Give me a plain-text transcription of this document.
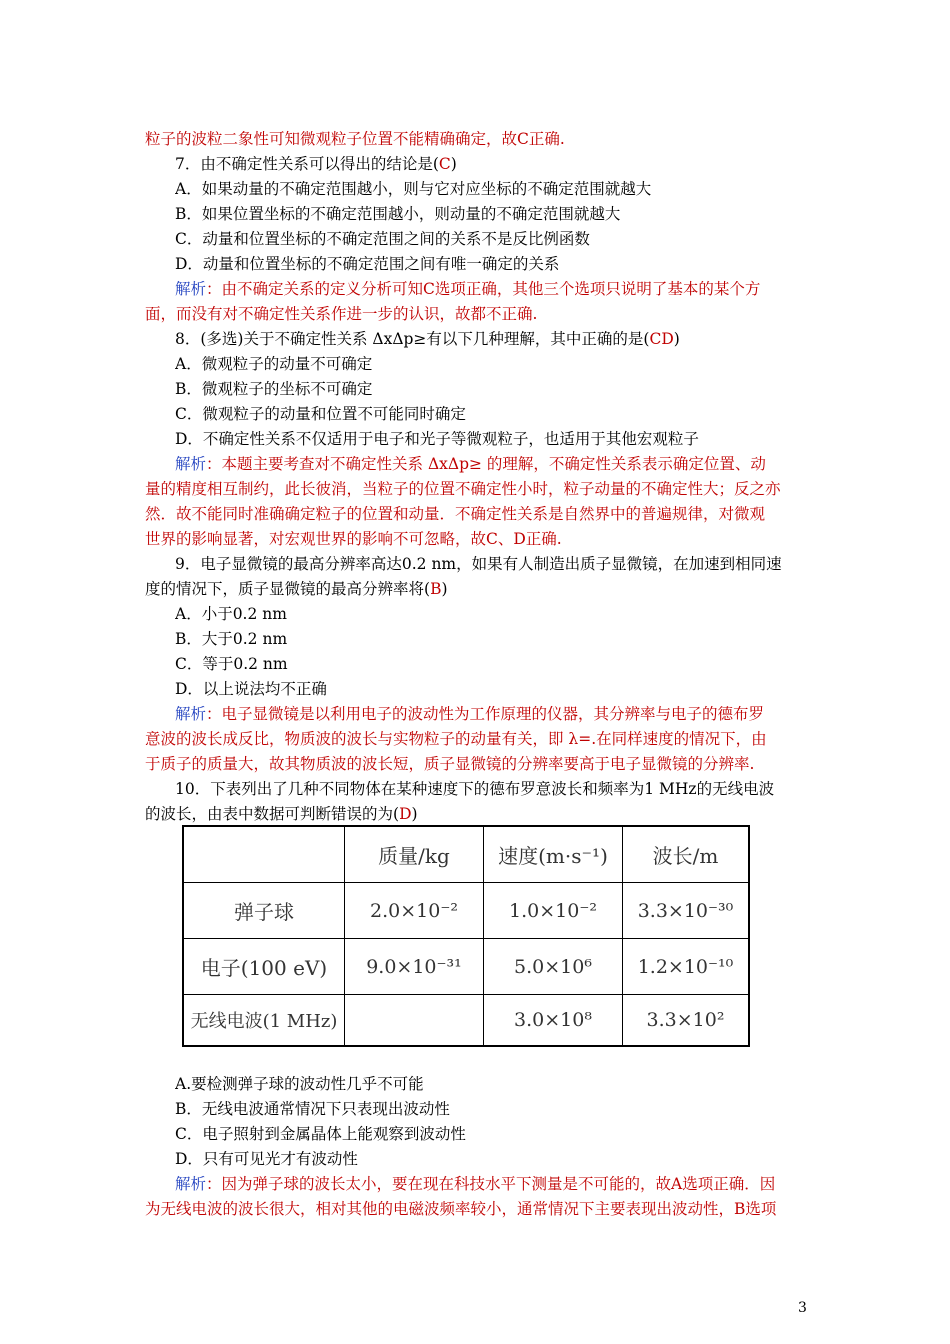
粒子的波粒二象性可知微观粒子位置不能精确确定，故C正确.
7．由不确定性关系可以得出的结论是(C)
A．如果动量的不确定范围越小，则与它对应坐标的不确定范围就越大
B．如果位置坐标的不确定范围越小，则动量的不确定范围就越大
C．动量和位置坐标的不确定范围之间的关系不是反比例函数
D．动量和位置坐标的不确定范围之间有唯一确定的关系
解析：由不确定关系的定义分析可知C选项正确，其他三个选项只说明了基本的某个方
面，而没有对不确定性关系作进一步的认识，故都不正确.
8．(多选)关于不确定性关系 ΔxΔp≥有以下几种理解，其中正确的是(CD)
A．微观粒子的动量不可确定
B．微观粒子的坐标不可确定
C．微观粒子的动量和位置不可能同时确定
D．不确定性关系不仅适用于电子和光子等微观粒子，也适用于其他宏观粒子
解析：本题主要考查对不确定性关系 ΔxΔp≥ 的理解，不确定性关系表示确定位置、动
量的精度相互制约，此长彼消，当粒子的位置不确定性小时，粒子动量的不确定性大；反之亦
然．故不能同时准确确定粒子的位置和动量．不确定性关系是自然界中的普遍规律，对微观
世界的影响显著，对宏观世界的影响不可忽略，故C、D正确.
9．电子显微镜的最高分辨率高达0.2 nm，如果有人制造出质子显微镜，在加速到相同速
度的情况下，质子显微镜的最高分辨率将(B)
A．小于0.2 nm
B．大于0.2 nm
C．等于0.2 nm
D．以上说法均不正确
解析：电子显微镜是以利用电子的波动性为工作原理的仪器，其分辨率与电子的德布罗
意波的波长成反比，物质波的波长与实物粒子的动量有关，即 λ=.在同样速度的情况下，由
于质子的质量大，故其物质波的波长短，质子显微镜的分辨率要高于电子显微镜的分辨率.
10．下表列出了几种不同物体在某种速度下的德布罗意波长和频率为1 MHz的无线电波
的波长，由表中数据可判断错误的为(D)
	质量/kg	速度(m·s⁻¹)	波长/m
弹子球	2.0×10⁻²	1.0×10⁻²	3.3×10⁻³⁰
电子(100 eV)	9.0×10⁻³¹	5.0×10⁶	1.2×10⁻¹⁰
无线电波(1 MHz)		3.0×10⁸	3.3×10²
A.要检测弹子球的波动性几乎不可能
B．无线电波通常情况下只表现出波动性
C．电子照射到金属晶体上能观察到波动性
D．只有可见光才有波动性
解析：因为弹子球的波长太小，要在现在科技水平下测量是不可能的，故A选项正确．因
为无线电波的波长很大，相对其他的电磁波频率较小，通常情况下主要表现出波动性，B选项
3
